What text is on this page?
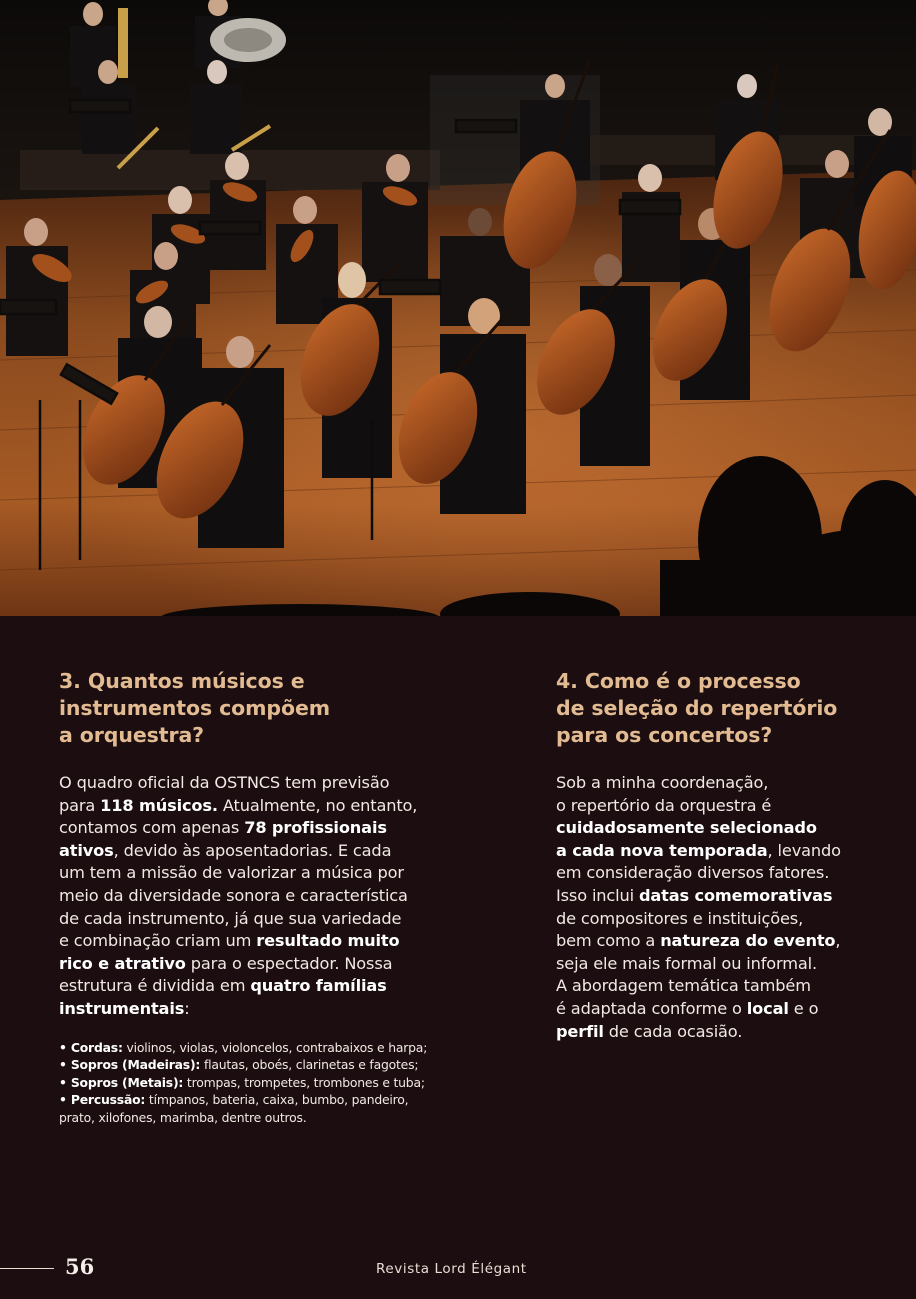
3. Quantos músicos e
instrumentos compõem
a orquestra?
O quadro oficial da OSTNCS tem previsão
para 118 músicos. Atualmente, no entanto,
contamos com apenas 78 profissionais
ativos, devido às aposentadorias. E cada
um tem a missão de valorizar a música por
meio da diversidade sonora e característica
de cada instrumento, já que sua variedade
e combinação criam um resultado muito
rico e atrativo para o espectador. Nossa
estrutura é dividida em quatro famílias
instrumentais:
• Cordas: violinos, violas, violoncelos, contrabaixos e harpa;
• Sopros (Madeiras): flautas, oboés, clarinetas e fagotes;
• Sopros (Metais): trompas, trompetes, trombones e tuba;
• Percussão: tímpanos, bateria, caixa, bumbo, pandeiro,
prato, xilofones, marimba, dentre outros.
4. Como é o processo
de seleção do repertório
para os concertos?
Sob a minha coordenação,
o repertório da orquestra é
cuidadosamente selecionado
a cada nova temporada, levando
em consideração diversos fatores.
Isso inclui datas comemorativas
de compositores e instituições,
bem como a natureza do evento,
seja ele mais formal ou informal.
A abordagem temática também
é adaptada conforme o local e o
perfil de cada ocasião.
56	Revista Lord Élégant
